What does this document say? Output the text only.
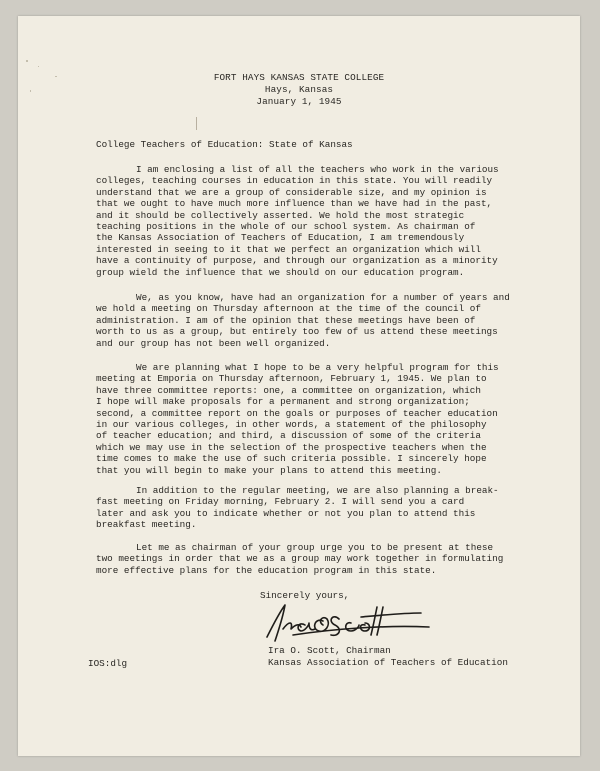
FORT HAYS KANSAS STATE COLLEGE
Hays, Kansas
January 1, 1945
College Teachers of Education: State of Kansas
I am enclosing a list of all the teachers who work in the various
colleges, teaching courses in education in this state. You will readily
understand that we are a group of considerable size, and my opinion is
that we ought to have much more influence than we have had in the past,
and it should be collectively asserted. We hold the most strategic
teaching positions in the whole of our school system. As chairman of
the Kansas Association of Teachers of Education, I am tremendously
interested in seeing to it that we perfect an organization which will
have a continuity of purpose, and through our organization as a minority
group wield the influence that we should on our education program.
We, as you know, have had an organization for a number of years and
we hold a meeting on Thursday afternoon at the time of the council of
administration. I am of the opinion that these meetings have been of
worth to us as a group, but entirely too few of us attend these meetings
and our group has not been well organized.
We are planning what I hope to be a very helpful program for this
meeting at Emporia on Thursday afternoon, February 1, 1945. We plan to
have three committee reports: one, a committee on organization, which
I hope will make proposals for a permanent and strong organization;
second, a committee report on the goals or purposes of teacher education
in our various colleges, in other words, a statement of the philosophy
of teacher education; and third, a discussion of some of the criteria
which we may use in the selection of the prospective teachers when the
time comes to make the use of such criteria possible. I sincerely hope
that you will begin to make your plans to attend this meeting.
In addition to the regular meeting, we are also planning a break-
fast meeting on Friday morning, February 2. I will send you a card
later and ask you to indicate whether or not you plan to attend this
breakfast meeting.
Let me as chairman of your group urge you to be present at these
two meetings in order that we as a group may work together in formulating
more effective plans for the education program in this state.
Sincerely yours,
Ira O. Scott, Chairman
Kansas Association of Teachers of Education
IOS:dlg
